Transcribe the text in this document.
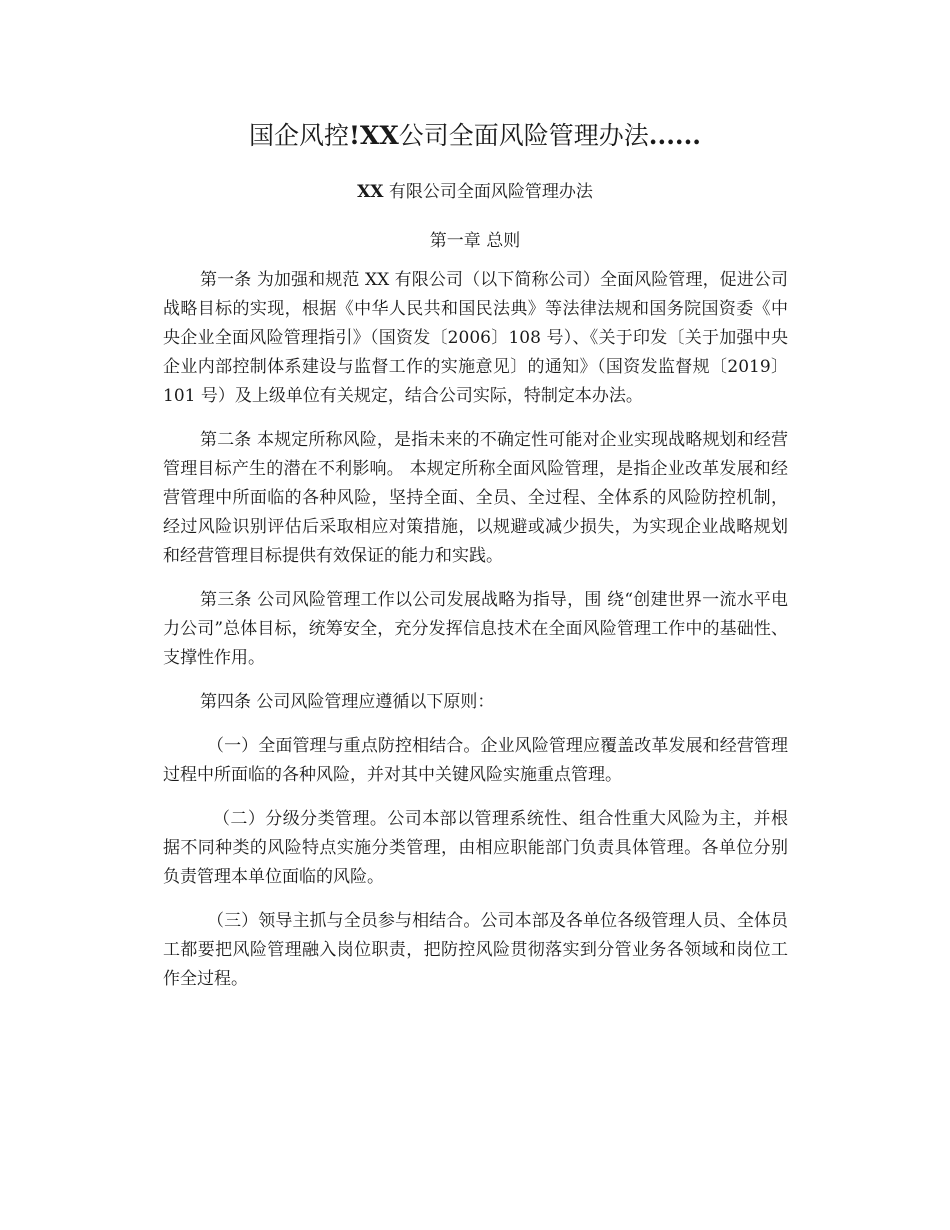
国企风控!XX公司全面风险管理办法......
XX 有限公司全面风险管理办法

第一章 总则

第一条 为加强和规范 XX 有限公司（以下简称公司）全面风险管理，促进公司战略目标的实现，根据《中华人民共和国民法典》等法律法规和国务院国资委《中央企业全面风险管理指引》（国资发〔2006〕108 号）、《关于印发〔关于加强中央企业内部控制体系建设与监督工作的实施意见〕的通知》（国资发监督规〔2019〕101 号）及上级单位有关规定，结合公司实际，特制定本办法。

第二条 本规定所称风险，是指未来的不确定性可能对企业实现战略规划和经营管理目标产生的潜在不利影响。 本规定所称全面风险管理，是指企业改革发展和经营管理中所面临的各种风险，坚持全面、全员、全过程、全体系的风险防控机制，经过风险识别评估后采取相应对策措施，以规避或减少损失，为实现企业战略规划和经营管理目标提供有效保证的能力和实践。

第三条 公司风险管理工作以公司发展战略为指导，围 绕“创建世界一流水平电力公司”总体目标，统筹安全，充分发挥信息技术在全面风险管理工作中的基础性、支撑性作用。

第四条 公司风险管理应遵循以下原则：

（一）全面管理与重点防控相结合。企业风险管理应覆盖改革发展和经营管理过程中所面临的各种风险，并对其中关键风险实施重点管理。

（二）分级分类管理。公司本部以管理系统性、组合性重大风险为主，并根据不同种类的风险特点实施分类管理，由相应职能部门负责具体管理。各单位分别负责管理本单位面临的风险。

（三）领导主抓与全员参与相结合。公司本部及各单位各级管理人员、全体员工都要把风险管理融入岗位职责，把防控风险贯彻落实到分管业务各领域和岗位工作全过程。
